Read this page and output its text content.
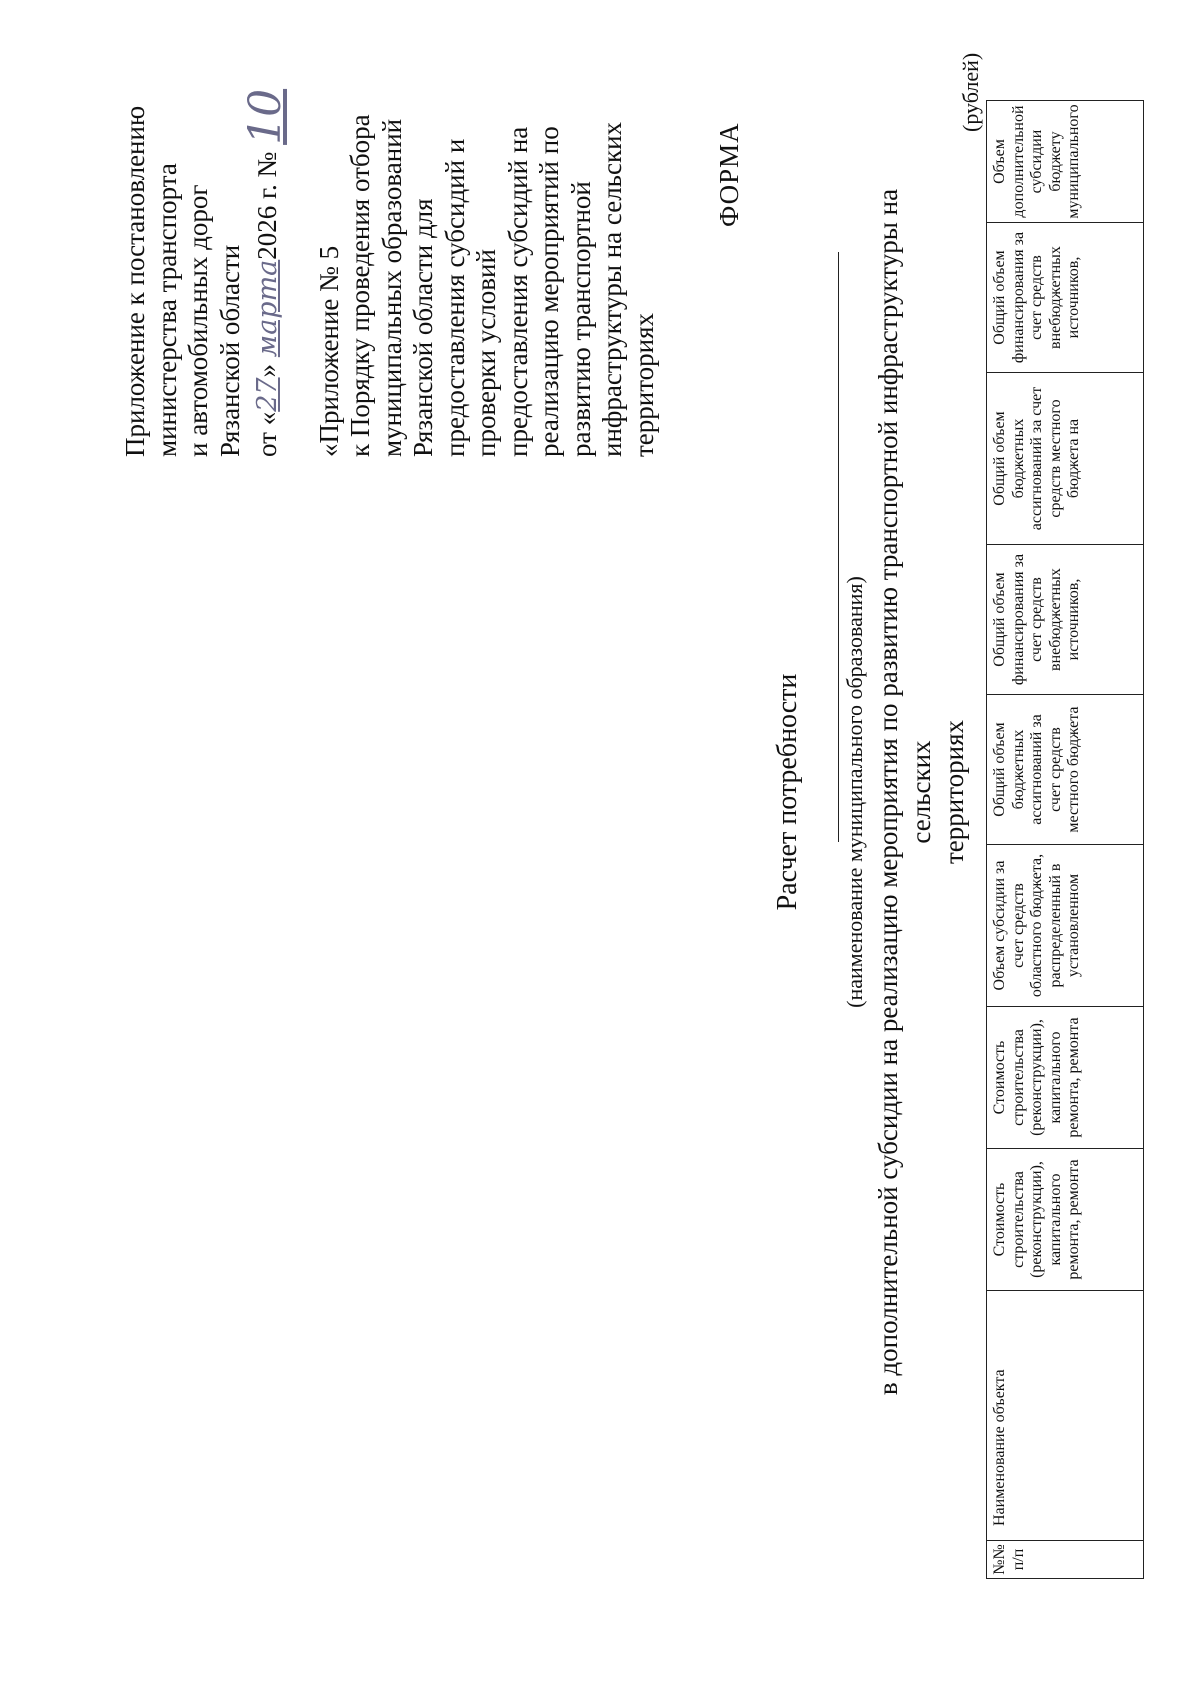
Приложение к постановлению министерства транспорта и автомобильных дорог Рязанской области от «27» марта2026 г. № 10
«Приложение № 5 к Порядку проведения отбора муниципальных образований Рязанской области для предоставления субсидий и проверки условий предоставления субсидий на реализацию мероприятий по развитию транспортной инфраструктуры на сельских территориях
ФОРМА
Расчет потребности (наименование муниципального образования) в дополнительной субсидии на реализацию мероприятия по развитию транспортной инфраструктуры на сельских территориях
(рублей)
№№ п/п	Наименование объекта	Стоимость строительства (реконструкции), капитального ремонта, ремонта	Стоимость строительства (реконструкции), капитального ремонта, ремонта	Объем субсидии за счет средств областного бюджета, распределенный в установленном	Общий объем бюджетных ассигнований за счет средств местного бюджета	Общий объем финансирования за счет средств внебюджетных источников,	Общий объем бюджетных ассигнований за счет средств местного бюджета на	Общий объем финансирования за счет средств внебюджетных источников,	Объем дополнительной субсидии бюджету муниципального
